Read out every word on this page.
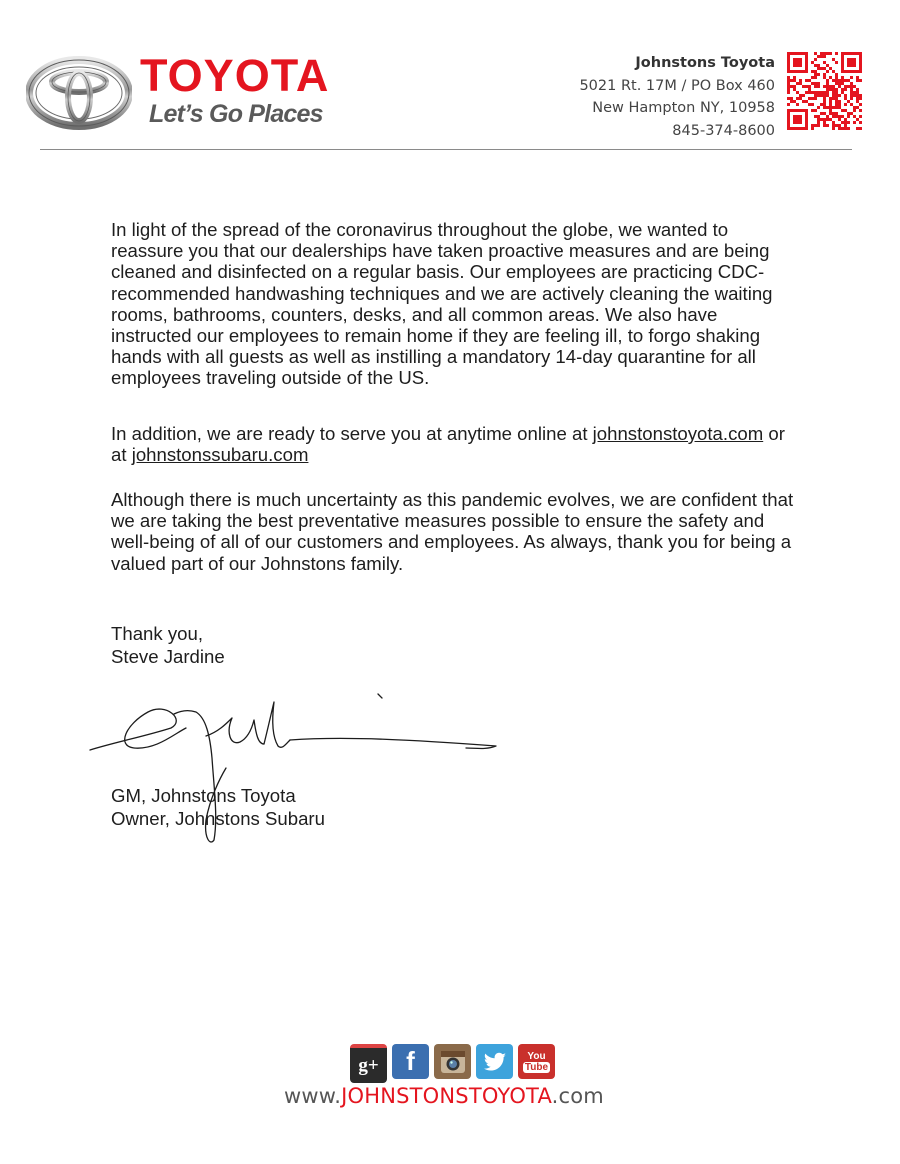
TOYOTA
Let’s Go Places
Johnstons Toyota
5021 Rt. 17M / PO Box 460
New Hampton NY, 10958
845-374-8600
In light of the spread of the coronavirus throughout the globe, we wanted to reassure you that our dealerships have taken proactive measures and are being cleaned and disinfected on a regular basis. Our employees are practicing CDC-recommended handwashing techniques and we are actively cleaning the waiting rooms, bathrooms, counters, desks, and all common areas. We also have instructed our employees to remain home if they are feeling ill, to forgo shaking hands with all guests as well as instilling a mandatory 14-day quarantine for all employees traveling outside of the US.
In addition, we are ready to serve you at anytime online at johnstonstoyota.com or at johnstonssubaru.com
Although there is much uncertainty as this pandemic evolves, we are confident that we are taking the best preventative measures possible to ensure the safety and well-being of all of our customers and employees. As always, thank you for being a valued part of our Johnstons family.
Thank you,
Steve Jardine
GM, Johnstons Toyota
Owner, Johnstons Subaru
g+ f	You
Tube
www.JOHNSTONSTOYOTA.com
